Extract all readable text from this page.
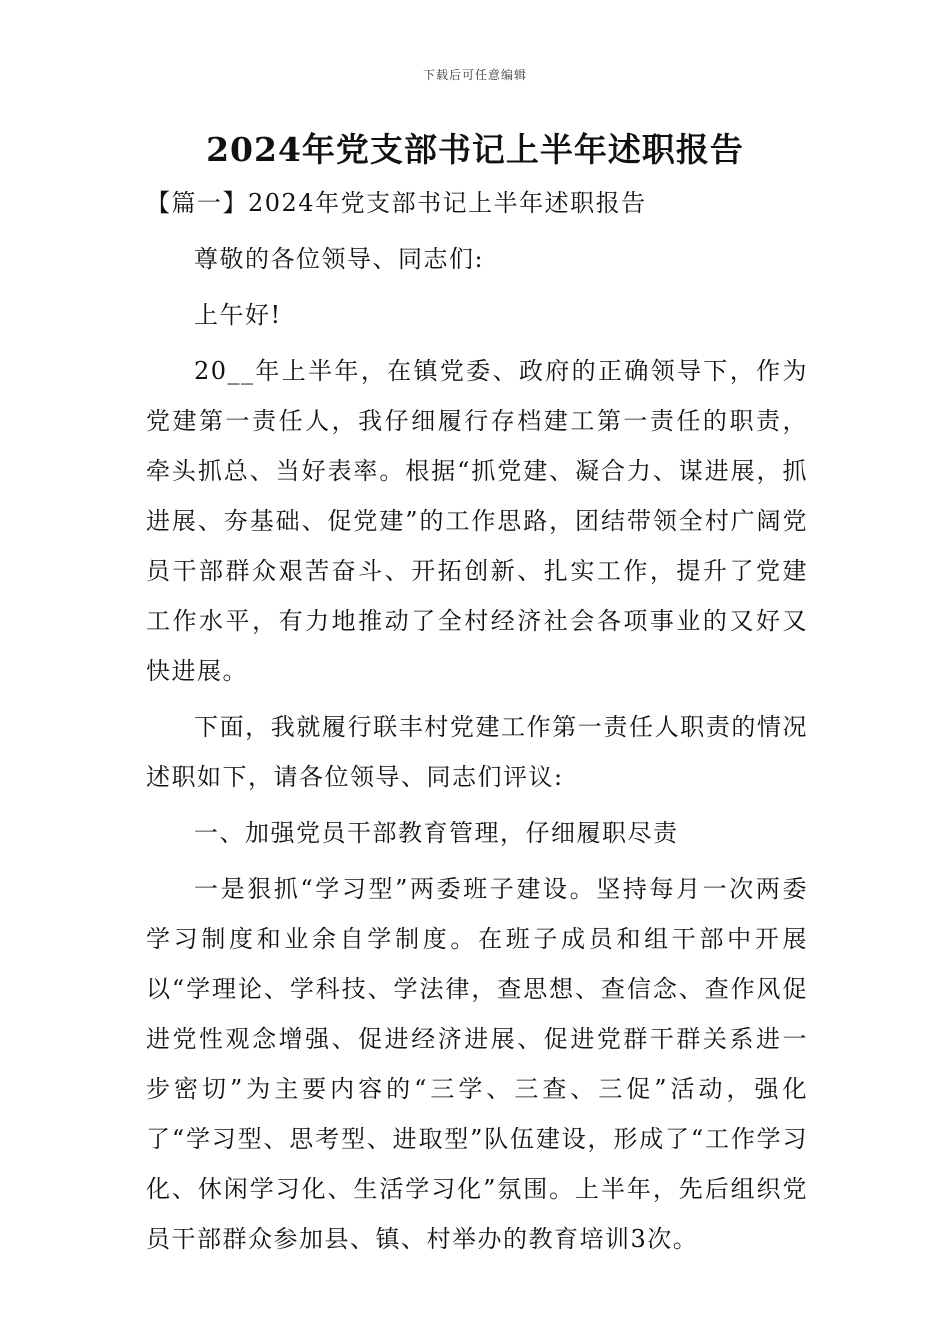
下载后可任意编辑
2024年党支部书记上半年述职报告

【篇一】2024年党支部书记上半年述职报告

尊敬的各位领导、同志们:

上午好!

20__年上半年，在镇党委、政府的正确领导下，作为党建第一责任人，我仔细履行存档建工第一责任的职责，牵头抓总、当好表率。根据“抓党建、凝合力、谋进展，抓进展、夯基础、促党建”的工作思路，团结带领全村广阔党员干部群众艰苦奋斗、开拓创新、扎实工作，提升了党建工作水平，有力地推动了全村经济社会各项事业的又好又快进展。

下面，我就履行联丰村党建工作第一责任人职责的情况述职如下，请各位领导、同志们评议:

一、加强党员干部教育管理，仔细履职尽责

一是狠抓“学习型”两委班子建设。坚持每月一次两委学习制度和业余自学制度。在班子成员和组干部中开展以“学理论、学科技、学法律，查思想、查信念、查作风促进党性观念增强、促进经济进展、促进党群干群关系进一步密切”为主要内容的“三学、三查、三促”活动，强化了“学习型、思考型、进取型”队伍建设，形成了“工作学习化、休闲学习化、生活学习化”氛围。上半年，先后组织党员干部群众参加县、镇、村举办的教育培训3次。
